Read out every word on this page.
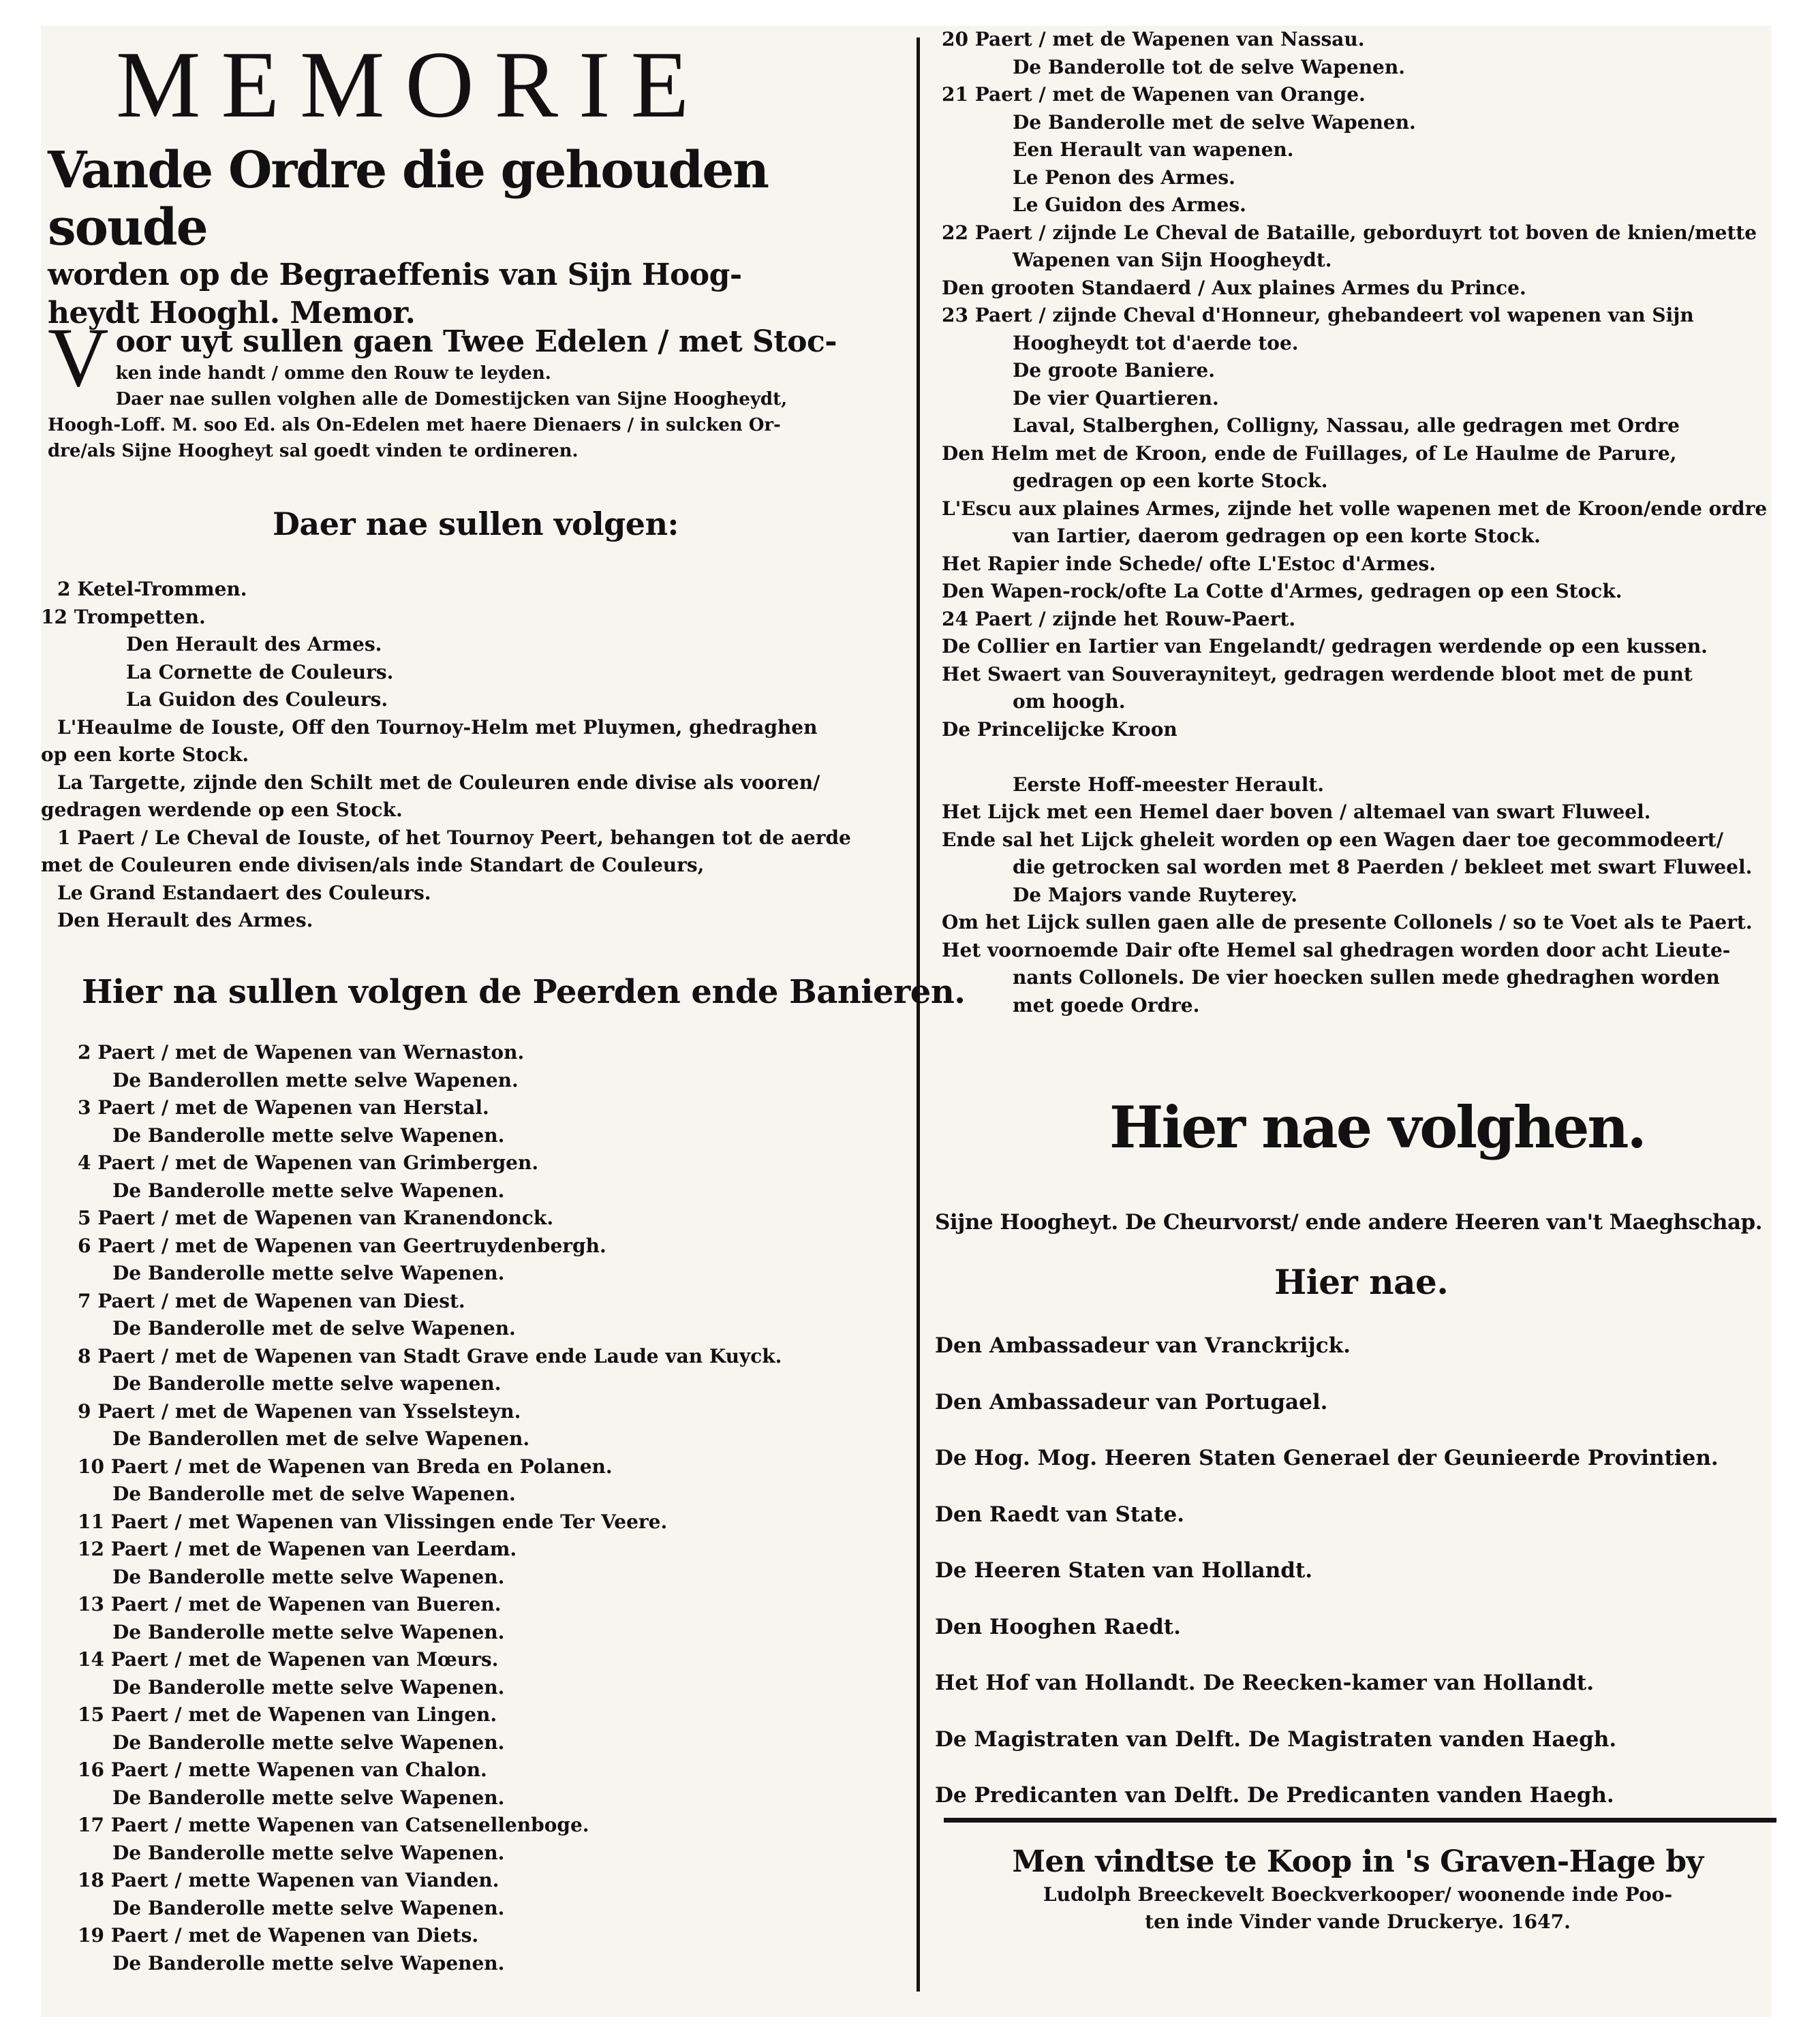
MEMORIE
Vande Ordre die gehouden soude
worden op de Begraeffenis van Sijn Hoog-
heydt Hooghl. Memor.
V oor uyt sullen gaen Twee Edelen / met Stoc-
ken inde handt / omme den Rouw te leyden.
Daer nae sullen volghen alle de Domestijcken van Sijne Hoogheydt,
Hoogh-Loff. M. soo Ed. als On-Edelen met haere Dienaers / in sulcken Or-
dre/als Sijne Hoogheyt sal goedt vinden te ordineren.
Daer nae sullen volgen:
2 Ketel-Trommen.
12 Trompetten.
Den Herault des Armes.
La Cornette de Couleurs.
La Guidon des Couleurs.
L'Heaulme de Iouste, Off den Tournoy-Helm met Pluymen, ghedraghen
op een korte Stock.
La Targette, zijnde den Schilt met de Couleuren ende divise als vooren/
gedragen werdende op een Stock.
1 Paert / Le Cheval de Iouste, of het Tournoy Peert, behangen tot de aerde
met de Couleuren ende divisen/als inde Standart de Couleurs,
Le Grand Estandaert des Couleurs.
Den Herault des Armes.
Hier na sullen volgen de Peerden ende Banieren.
2 Paert / met de Wapenen van Wernaston.
De Banderollen mette selve Wapenen.
3 Paert / met de Wapenen van Herstal.
De Banderolle mette selve Wapenen.
4 Paert / met de Wapenen van Grimbergen.
De Banderolle mette selve Wapenen.
5 Paert / met de Wapenen van Kranendonck.
6 Paert / met de Wapenen van Geertruydenbergh.
De Banderolle mette selve Wapenen.
7 Paert / met de Wapenen van Diest.
De Banderolle met de selve Wapenen.
8 Paert / met de Wapenen van Stadt Grave ende Laude van Kuyck.
De Banderolle mette selve wapenen.
9 Paert / met de Wapenen van Ysselsteyn.
De Banderollen met de selve Wapenen.
10 Paert / met de Wapenen van Breda en Polanen.
De Banderolle met de selve Wapenen.
11 Paert / met Wapenen van Vlissingen ende Ter Veere.
12 Paert / met de Wapenen van Leerdam.
De Banderolle mette selve Wapenen.
13 Paert / met de Wapenen van Bueren.
De Banderolle mette selve Wapenen.
14 Paert / met de Wapenen van Mœurs.
De Banderolle mette selve Wapenen.
15 Paert / met de Wapenen van Lingen.
De Banderolle mette selve Wapenen.
16 Paert / mette Wapenen van Chalon.
De Banderolle mette selve Wapenen.
17 Paert / mette Wapenen van Catsenellenboge.
De Banderolle mette selve Wapenen.
18 Paert / mette Wapenen van Vianden.
De Banderolle mette selve Wapenen.
19 Paert / met de Wapenen van Diets.
De Banderolle mette selve Wapenen.
20 Paert / met de Wapenen van Nassau.
De Banderolle tot de selve Wapenen.
21 Paert / met de Wapenen van Orange.
De Banderolle met de selve Wapenen.
Een Herault van wapenen.
Le Penon des Armes.
Le Guidon des Armes.
22 Paert / zijnde Le Cheval de Bataille, geborduyrt tot boven de knien/mette
Wapenen van Sijn Hoogheydt.
Den grooten Standaerd / Aux plaines Armes du Prince.
23 Paert / zijnde Cheval d'Honneur, ghebandeert vol wapenen van Sijn
Hoogheydt tot d'aerde toe.
De groote Baniere.
De vier Quartieren.
Laval, Stalberghen, Colligny, Nassau, alle gedragen met Ordre
Den Helm met de Kroon, ende de Fuillages, of Le Haulme de Parure,
gedragen op een korte Stock.
L'Escu aux plaines Armes, zijnde het volle wapenen met de Kroon/ende ordre
van Iartier, daerom gedragen op een korte Stock.
Het Rapier inde Schede/ ofte L'Estoc d'Armes.
Den Wapen-rock/ofte La Cotte d'Armes, gedragen op een Stock.
24 Paert / zijnde het Rouw-Paert.
De Collier en Iartier van Engelandt/ gedragen werdende op een kussen.
Het Swaert van Souverayniteyt, gedragen werdende bloot met de punt
om hoogh.
De Princelijcke Kroon
Eerste Hoff-meester Herault.
Het Lijck met een Hemel daer boven / altemael van swart Fluweel.
Ende sal het Lijck gheleit worden op een Wagen daer toe gecommodeert/
die getrocken sal worden met 8 Paerden / bekleet met swart Fluweel.
De Majors vande Ruyterey.
Om het Lijck sullen gaen alle de presente Collonels / so te Voet als te Paert.
Het voornoemde Dair ofte Hemel sal ghedragen worden door acht Lieute-
nants Collonels. De vier hoecken sullen mede ghedraghen worden
met goede Ordre.
Hier nae volghen.
Sijne Hoogheyt. De Cheurvorst/ ende andere Heeren van't Maeghschap.
Hier nae.
Den Ambassadeur van Vranckrijck.
Den Ambassadeur van Portugael.
De Hog. Mog. Heeren Staten Generael der Geunieerde Provintien.
Den Raedt van State.
De Heeren Staten van Hollandt.
Den Hooghen Raedt.
Het Hof van Hollandt. De Reecken-kamer van Hollandt.
De Magistraten van Delft. De Magistraten vanden Haegh.
De Predicanten van Delft. De Predicanten vanden Haegh.
Men vindtse te Koop in 's Graven-Hage by
Ludolph Breeckevelt Boeckverkooper/ woonende inde Poo-
ten inde Vinder vande Druckerye. 1647.
